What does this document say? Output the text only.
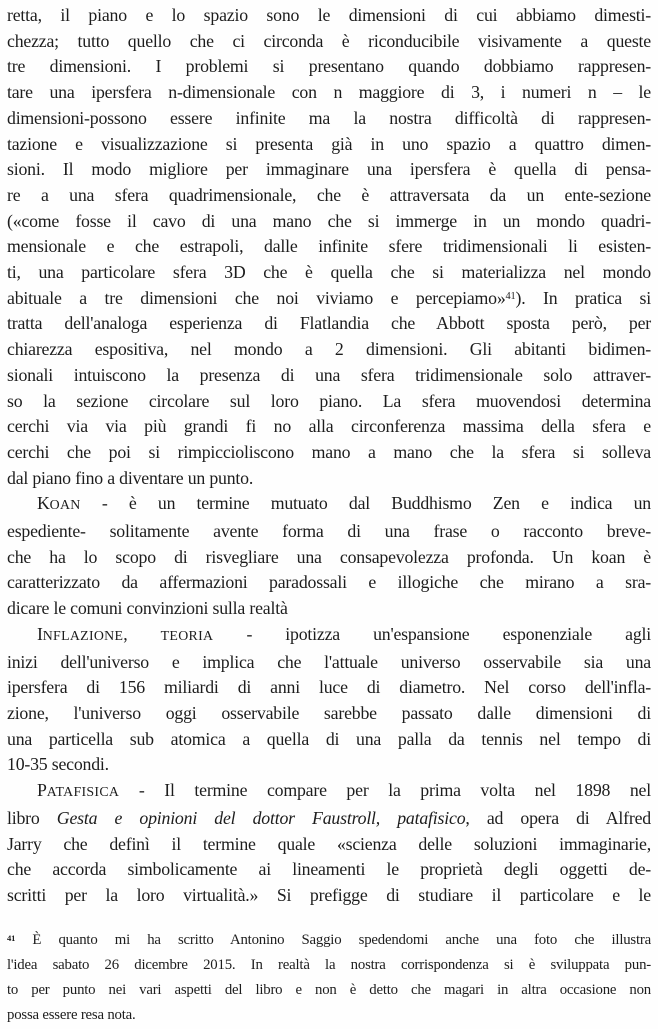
retta, il piano e lo spazio sono le dimensioni di cui abbiamo dimesti-
chezza; tutto quello che ci circonda è riconducibile visivamente a queste
tre dimensioni. I problemi si presentano quando dobbiamo rappresen-
tare una ipersfera n-dimensionale con n maggiore di 3, i numeri n – le
dimensioni-possono essere infinite ma la nostra difficoltà di rappresen-
tazione e visualizzazione si presenta già in uno spazio a quattro dimen-
sioni. Il modo migliore per immaginare una ipersfera è quella di pensa-
re a una sfera quadrimensionale, che è attraversata da un ente-sezione
(«come fosse il cavo di una mano che si immerge in un mondo quadri-
mensionale e che estrapoli, dalle infinite sfere tridimensionali li esisten-
ti, una particolare sfera 3D che è quella che si materializza nel mondo
abituale a tre dimensioni che noi viviamo e percepiamo»$^{41}$). In pratica si
tratta dell'analoga esperienza di Flatlandia che Abbott sposta però, per
chiarezza espositiva, nel mondo a 2 dimensioni. Gli abitanti bidimen-
sionali intuiscono la presenza di una sfera tridimensionale solo attraver-
so la sezione circolare sul loro piano. La sfera muovendosi determina
cerchi via via più grandi fi no alla circonferenza massima della sfera e
cerchi che poi si rimpiccioliscono mano a mano che la sfera si solleva
dal piano fino a diventare un punto.
KOAN - è un termine mutuato dal Buddhismo Zen e indica un
espediente- solitamente avente forma di una frase o racconto breve-
che ha lo scopo di risvegliare una consapevolezza profonda. Un koan è
caratterizzato da affermazioni paradossali e illogiche che mirano a sra-
dicare le comuni convinzioni sulla realtà
INFLAZIONE, TEORIA - ipotizza un'espansione esponenziale agli
inizi dell'universo e implica che l'attuale universo osservabile sia una
ipersfera di 156 miliardi di anni luce di diametro. Nel corso dell'infla-
zione, l'universo oggi osservabile sarebbe passato dalle dimensioni di
una particella sub atomica a quella di una palla da tennis nel tempo di
10-35 secondi.
PATAFISICA - Il termine compare per la prima volta nel 1898 nel
libro Gesta e opinioni del dottor Faustroll, patafisico, ad opera di Alfred
Jarry che definì il termine quale «scienza delle soluzioni immaginarie,
che accorda simbolicamente ai lineamenti le proprietà degli oggetti de-
scritti per la loro virtualità.» Si prefigge di studiare il particolare e le
$^{41}$ È quanto mi ha scritto Antonino Saggio spedendomi anche una foto che illustra
l'idea sabato 26 dicembre 2015. In realtà la nostra corrispondenza si è sviluppata pun-
to per punto nei vari aspetti del libro e non è detto che magari in altra occasione non
possa essere resa nota.
